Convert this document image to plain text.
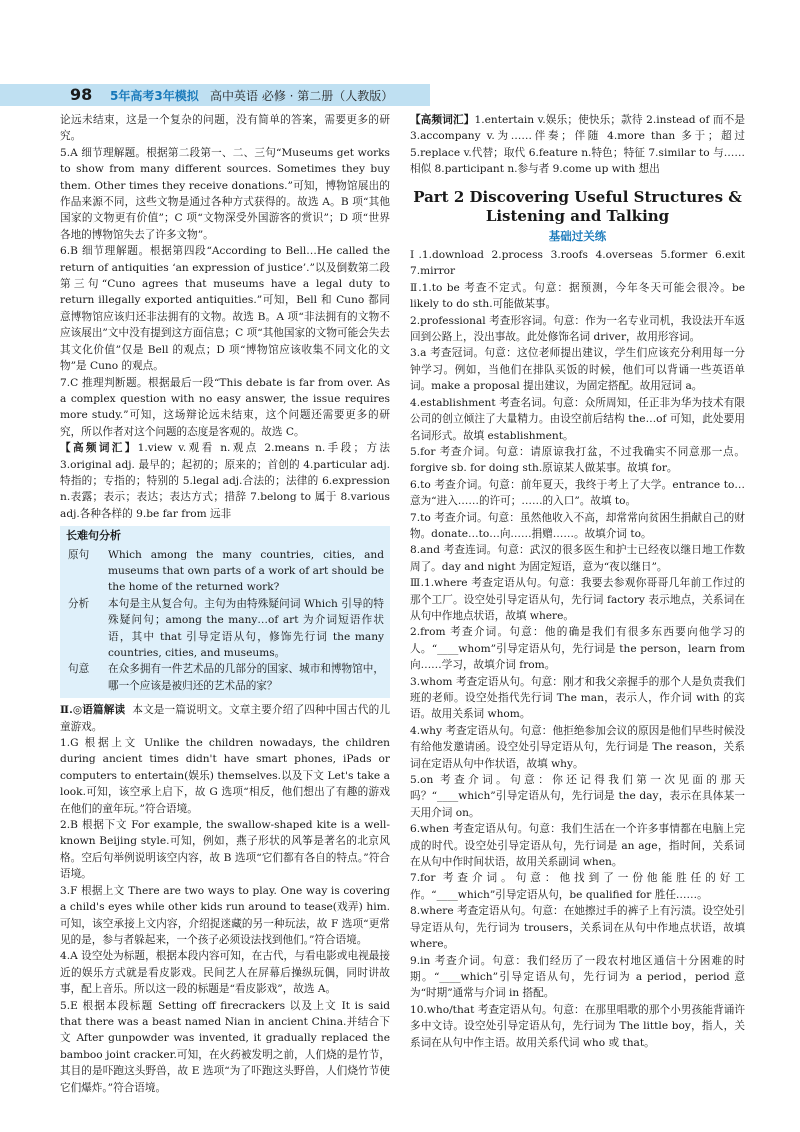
98 5年高考3年模拟 高中英语 必修 · 第二册（人教版）

论远未结束，这是一个复杂的问题，没有简单的答案，需要更多的研究。

5.A 细节理解题。根据第二段第一、二、三句“Museums get works to show from many different sources. Sometimes they buy them. Other times they receive donations.”可知，博物馆展出的作品来源不同，这些文物是通过各种方式获得的。故选 A。B 项“其他国家的文物更有价值”；C 项“文物深受外国游客的赏识”；D 项“世界各地的博物馆失去了许多文物”。

6.B 细节理解题。根据第四段“According to Bell…He called the return of antiquities ‘an expression of justice’.”以及倒数第二段第三句“Cuno agrees that museums have a legal duty to return illegally exported antiquities.”可知，Bell 和 Cuno 都同意博物馆应该归还非法拥有的文物。故选 B。A 项“非法拥有的文物不应该展出”文中没有提到这方面信息；C 项“其他国家的文物可能会失去其文化价值”仅是 Bell 的观点；D 项“博物馆应该收集不同文化的文物”是 Cuno 的观点。

7.C 推理判断题。根据最后一段“This debate is far from over. As a complex question with no easy answer, the issue requires more study.”可知，这场辩论远未结束，这个问题还需要更多的研究，所以作者对这个问题的态度是客观的。故选 C。

【高频词汇】1.view v.观看 n.观点 2.means n.手段；方法 3.original adj. 最早的；起初的；原来的；首创的 4.particular adj.特指的；专指的；特别的 5.legal adj.合法的；法律的 6.expression n.表露；表示；表达；表达方式；措辞 7.belong to 属于 8.various adj.各种各样的 9.be far from 远非

长难句分析
原句	Which among the many countries, cities, and museums that own parts of a work of art should be the home of the returned work?
分析	本句是主从复合句。主句为由特殊疑问词 Which 引导的特殊疑问句；among the many…of art 为介词短语作状语，其中 that 引导定语从句，修饰先行词 the many countries, cities, and museums。
句意	在众多拥有一件艺术品的几部分的国家、城市和博物馆中，哪一个应该是被归还的艺术品的家？

Ⅱ.◎语篇解读 本文是一篇说明文。文章主要介绍了四种中国古代的儿童游戏。

1.G 根据上文 Unlike the children nowadays, the children during ancient times didn't have smart phones, iPads or computers to entertain(娱乐) themselves.以及下文 Let's take a look.可知，该空承上启下，故 G 选项“相反，他们想出了有趣的游戏在他们的童年玩。”符合语境。

2.B 根据下文 For example, the swallow-shaped kite is a well-known Beijing style.可知，例如，燕子形状的风筝是著名的北京风格。空后句举例说明该空内容，故 B 选项“它们都有各自的特点。”符合语境。

3.F 根据上文 There are two ways to play. One way is covering a child's eyes while other kids run around to tease(戏弄) him.可知，该空承接上文内容，介绍捉迷藏的另一种玩法，故 F 选项“更常见的是，参与者躲起来，一个孩子必须设法找到他们。”符合语境。

4.A 设空处为标题，根据本段内容可知，在古代，与看电影或电视最接近的娱乐方式就是看皮影戏。民间艺人在屏幕后操纵玩偶，同时讲故事，配上音乐。所以这一段的标题是“看皮影戏”，故选 A。

5.E 根据本段标题 Setting off firecrackers 以及上文 It is said that there was a beast named Nian in ancient China.并结合下文 After gunpowder was invented, it gradually replaced the bamboo joint cracker.可知，在火药被发明之前，人们烧的是竹节，其目的是吓跑这头野兽，故 E 选项“为了吓跑这头野兽，人们烧竹节使它们爆炸。”符合语境。

【高频词汇】1.entertain v.娱乐；使快乐；款待 2.instead of 而不是 3.accompany v.为……伴奏；伴随 4.more than 多于；超过 5.replace v.代替；取代 6.feature n.特色；特征 7.similar to 与……相似 8.participant n.参与者 9.come up with 想出

Part 2 Discovering Useful Structures & Listening and Talking
基础过关练

Ⅰ.1.download 2.process 3.roofs 4.overseas 5.former 6.exit 7.mirror

Ⅱ.1.to be 考查不定式。句意：据预测，今年冬天可能会很冷。be likely to do sth.可能做某事。

2.professional 考查形容词。句意：作为一名专业司机，我设法开车返回到公路上，没出事故。此处修饰名词 driver，故用形容词。

3.a 考查冠词。句意：这位老师提出建议，学生们应该充分利用每一分钟学习。例如，当他们在排队买饭的时候，他们可以背诵一些英语单词。make a proposal 提出建议，为固定搭配。故用冠词 a。

4.establishment 考查名词。句意：众所周知，任正非为华为技术有限公司的创立倾注了大量精力。由设空前后结构 the…of 可知，此处要用名词形式。故填 establishment。

5.for 考查介词。句意：请原谅我打盆，不过我确实不同意那一点。forgive sb. for doing sth.原谅某人做某事。故填 for。

6.to 考查介词。句意：前年夏天，我终于考上了大学。entrance to…意为“进入……的许可；……的入口”。故填 to。

7.to 考查介词。句意：虽然他收入不高，却常常向贫困生捐献自己的财物。donate…to…向……捐赠……。故填介词 to。

8.and 考查连词。句意：武汉的很多医生和护士已经夜以继日地工作数周了。day and night 为固定短语，意为“夜以继日”。

Ⅲ.1.where 考查定语从句。句意：我要去参观你哥哥几年前工作过的那个工厂。设空处引导定语从句，先行词 factory 表示地点，关系词在从句中作地点状语，故填 where。

2.from 考查介词。句意：他的确是我们有很多东西要向他学习的人。“____whom”引导定语从句，先行词是 the person，learn from 向……学习，故填介词 from。

3.whom 考查定语从句。句意：刚才和我父亲握手的那个人是负责我们班的老师。设空处指代先行词 The man，表示人，作介词 with 的宾语。故用关系词 whom。

4.why 考查定语从句。句意：他拒绝参加会议的原因是他们早些时候没有给他发邀请函。设空处引导定语从句，先行词是 The reason，关系词在定语从句中作状语，故填 why。

5.on 考查介词。句意：你还记得我们第一次见面的那天吗？“____which”引导定语从句，先行词是 the day，表示在具体某一天用介词 on。

6.when 考查定语从句。句意：我们生活在一个许多事情都在电脑上完成的时代。设空处引导定语从句，先行词是 an age，指时间，关系词在从句中作时间状语，故用关系副词 when。

7.for 考查介词。句意：他找到了一份他能胜任的好工作。“____which”引导定语从句，be qualified for 胜任……。

8.where 考查定语从句。句意：在她擦过手的裤子上有污渍。设空处引导定语从句，先行词为 trousers，关系词在从句中作地点状语，故填 where。

9.in 考查介词。句意：我们经历了一段农村地区通信十分困难的时期。“____which”引导定语从句，先行词为 a period，period 意为“时期”通常与介词 in 搭配。

10.who/that 考查定语从句。句意：在那里唱歌的那个小男孩能背诵许多中文诗。设空处引导定语从句，先行词为 The little boy，指人，关系词在从句中作主语。故用关系代词 who 或 that。
